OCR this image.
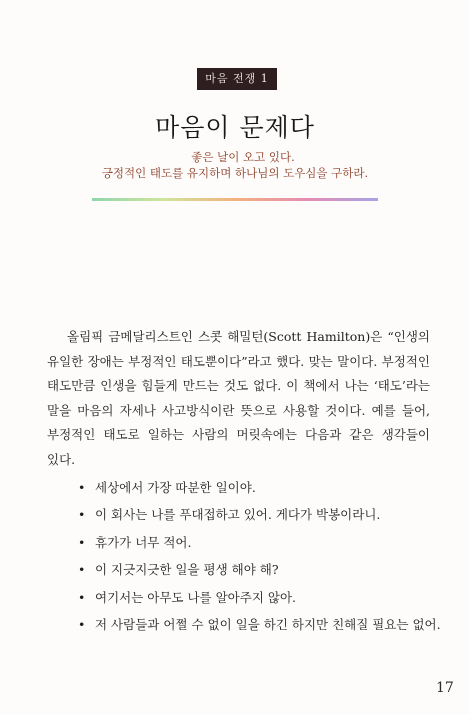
마음 전쟁 1
마음이 문제다
좋은 날이 오고 있다.
긍정적인 태도를 유지하며 하나님의 도우심을 구하라.

올림픽 금메달리스트인 스콧 해밀턴(Scott Hamilton)은 “인생의 유일한 장애는 부정적인 태도뿐이다”라고 했다. 맞는 말이다. 부정적인 태도만큼 인생을 힘들게 만드는 것도 없다. 이 책에서 나는 ‘태도’라는 말을 마음의 자세나 사고방식이란 뜻으로 사용할 것이다. 예를 들어, 부정적인 태도로 일하는 사람의 머릿속에는 다음과 같은 생각들이 있다.

• 세상에서 가장 따분한 일이야.
• 이 회사는 나를 푸대접하고 있어. 게다가 박봉이라니.
• 휴가가 너무 적어.
• 이 지긋지긋한 일을 평생 해야 해?
• 여기서는 아무도 나를 알아주지 않아.
• 저 사람들과 어쩔 수 없이 일을 하긴 하지만 친해질 필요는 없어.
17
